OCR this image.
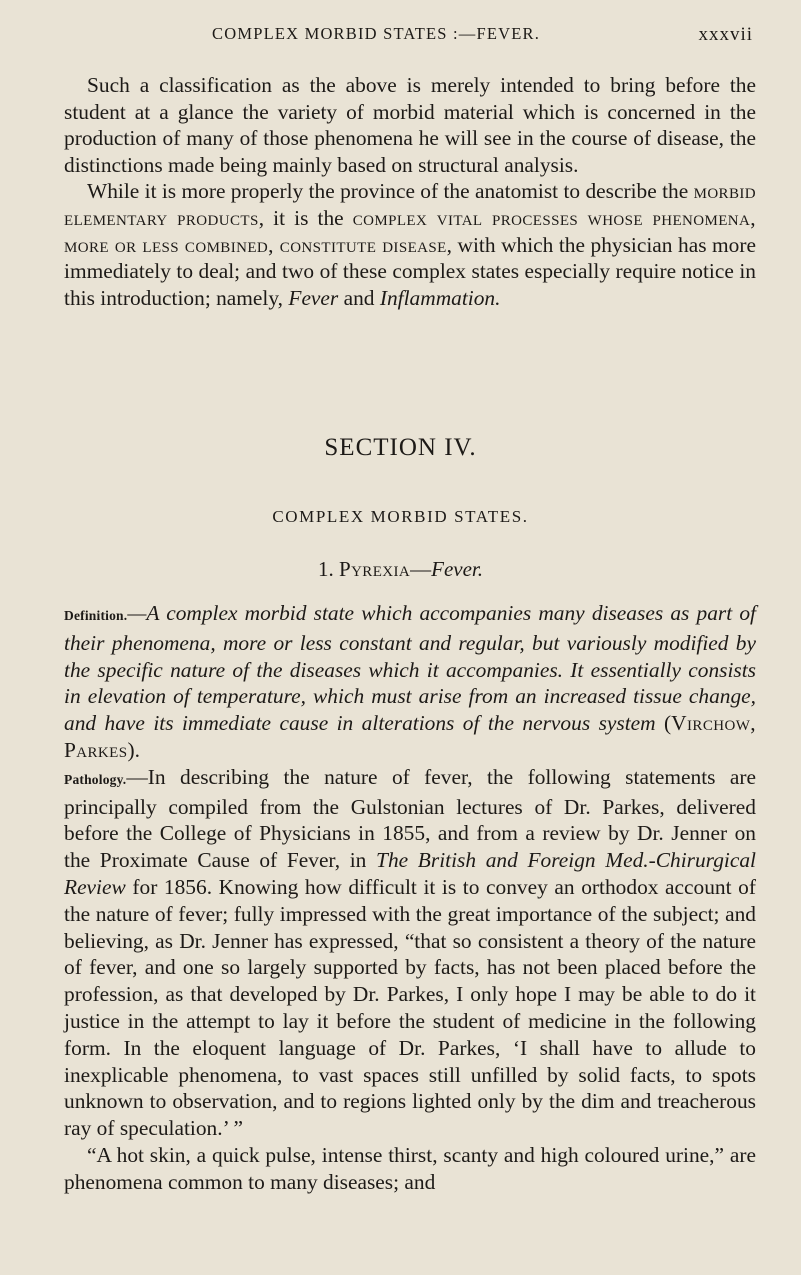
COMPLEX MORBID STATES :—FEVER.	xxxvii

Such a classification as the above is merely intended to bring before the student at a glance the variety of morbid material which is concerned in the production of many of those phenomena he will see in the course of disease, the distinctions made being mainly based on structural analysis.

While it is more properly the province of the anatomist to describe the morbid elementary products, it is the complex vital processes whose phenomena, more or less combined, constitute disease, with which the physician has more immediately to deal; and two of these complex states especially require notice in this introduction; namely, Fever and Inflammation.

SECTION IV.
COMPLEX MORBID STATES.
1. Pyrexia—Fever.

Definition.—A complex morbid state which accompanies many diseases as part of their phenomena, more or less constant and regular, but variously modified by the specific nature of the diseases which it accompanies. It essentially consists in elevation of temperature, which must arise from an increased tissue change, and have its immediate cause in alterations of the nervous system (Virchow, Parkes).

Pathology.—In describing the nature of fever, the following statements are principally compiled from the Gulstonian lectures of Dr. Parkes, delivered before the College of Physicians in 1855, and from a review by Dr. Jenner on the Proximate Cause of Fever, in The British and Foreign Med.-Chirurgical Review for 1856. Knowing how difficult it is to convey an orthodox account of the nature of fever; fully impressed with the great importance of the subject; and believing, as Dr. Jenner has expressed, “that so consistent a theory of the nature of fever, and one so largely supported by facts, has not been placed before the profession, as that developed by Dr. Parkes, I only hope I may be able to do it justice in the attempt to lay it before the student of medicine in the following form. In the eloquent language of Dr. Parkes, ‘I shall have to allude to inexplicable phenomena, to vast spaces still unfilled by solid facts, to spots unknown to observation, and to regions lighted only by the dim and treacherous ray of speculation.’ ”

“A hot skin, a quick pulse, intense thirst, scanty and high coloured urine,” are phenomena common to many diseases; and
